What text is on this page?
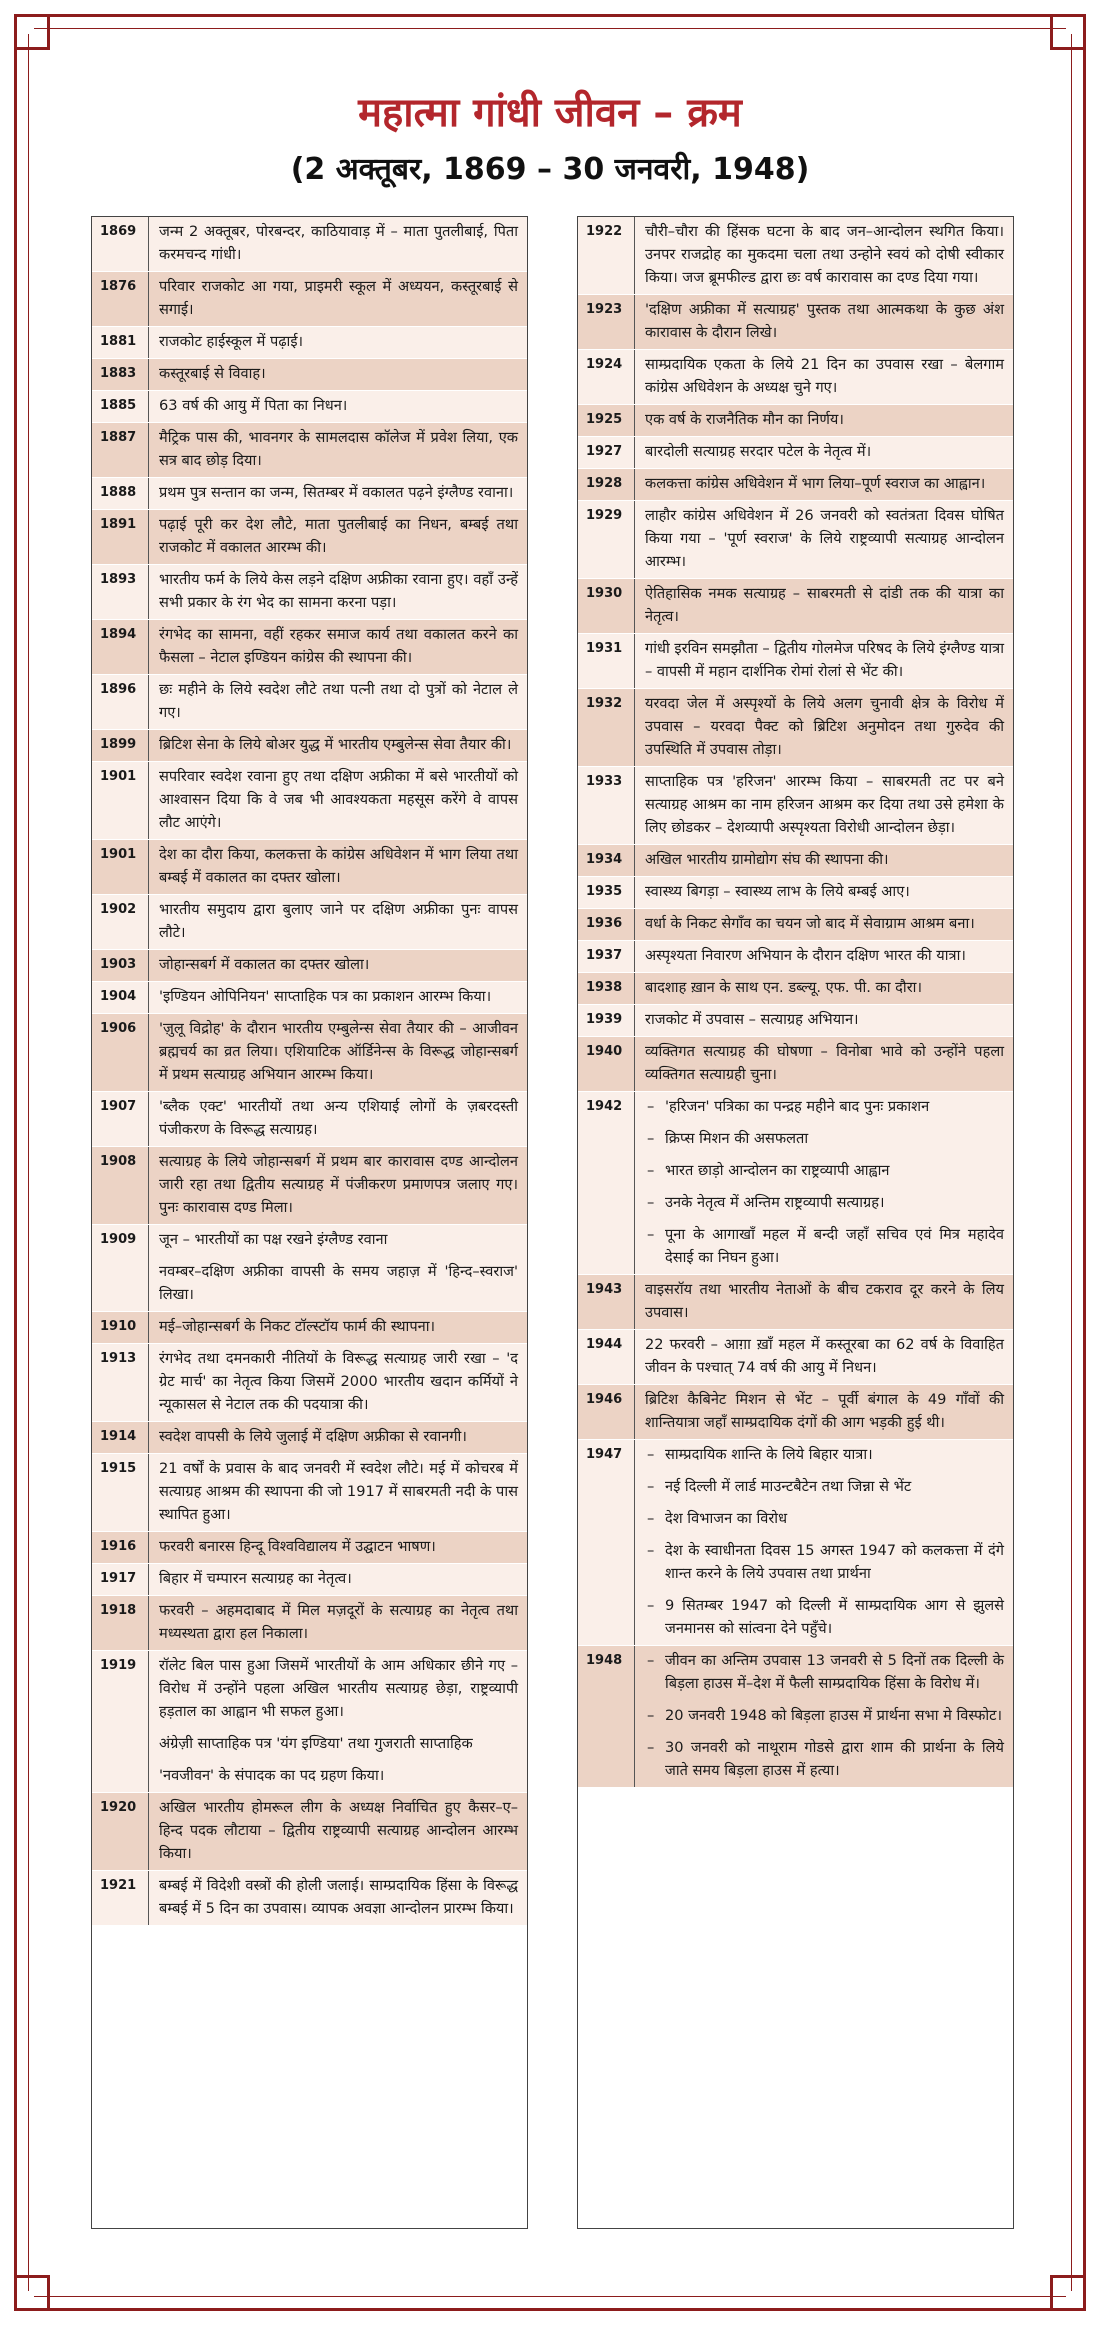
महात्मा गांधी जीवन – क्रम
(2 अक्तूबर, 1869 – 30 जनवरी, 1948)
1869	जन्म 2 अक्तूबर, पोरबन्दर, काठियावाड़ में – माता पुतलीबाई, पिता करमचन्द गांधी।
1876	परिवार राजकोट आ गया, प्राइमरी स्कूल में अध्ययन, कस्तूरबाई से सगाई।
1881	राजकोट हाईस्कूल में पढ़ाई।
1883	कस्तूरबाई से विवाह।
1885	63 वर्ष की आयु में पिता का निधन।
1887	मैट्रिक पास की, भावनगर के सामलदास कॉलेज में प्रवेश लिया, एक सत्र बाद छोड़ दिया।
1888	प्रथम पुत्र सन्तान का जन्म, सितम्बर में वकालत पढ़ने इंग्लैण्ड रवाना।
1891	पढ़ाई पूरी कर देश लौटे, माता पुतलीबाई का निधन, बम्बई तथा राजकोट में वकालत आरम्भ की।
1893	भारतीय फर्म के लिये केस लड़ने दक्षिण अफ्रीका रवाना हुए। वहाँ उन्हें सभी प्रकार के रंग भेद का सामना करना पड़ा।
1894	रंगभेद का सामना, वहीं रहकर समाज कार्य तथा वकालत करने का फैसला – नेटाल इण्डियन कांग्रेस की स्थापना की।
1896	छः महीने के लिये स्वदेश लौटे तथा पत्नी तथा दो पुत्रों को नेटाल ले गए।
1899	ब्रिटिश सेना के लिये बोअर युद्ध में भारतीय एम्बुलेन्स सेवा तैयार की।
1901	सपरिवार स्वदेश रवाना हुए तथा दक्षिण अफ्रीका में बसे भारतीयों को आश्वासन दिया कि वे जब भी आवश्यकता महसूस करेंगे वे वापस लौट आएंगे।
1901	देश का दौरा किया, कलकत्ता के कांग्रेस अधिवेशन में भाग लिया तथा बम्बई में वकालत का दफ्तर खोला।
1902	भारतीय समुदाय द्वारा बुलाए जाने पर दक्षिण अफ्रीका पुनः वापस लौटे।
1903	जोहान्सबर्ग में वकालत का दफ्तर खोला।
1904	'इण्डियन ओपिनियन' साप्ताहिक पत्र का प्रकाशन आरम्भ किया।
1906	'ज़ुलू विद्रोह' के दौरान भारतीय एम्बुलेन्स सेवा तैयार की – आजीवन ब्रह्मचर्य का व्रत लिया। एशियाटिक ऑर्डिनेन्स के विरूद्ध जोहान्सबर्ग में प्रथम सत्याग्रह अभियान आरम्भ किया।
1907	'ब्लैक एक्ट' भारतीयों तथा अन्य एशियाई लोगों के ज़बरदस्ती पंजीकरण के विरूद्ध सत्याग्रह।
1908	सत्याग्रह के लिये जोहान्सबर्ग में प्रथम बार कारावास दण्ड आन्दोलन जारी रहा तथा द्वितीय सत्याग्रह में पंजीकरण प्रमाणपत्र जलाए गए। पुनः कारावास दण्ड मिला।
1909	जून – भारतीयों का पक्ष रखने इंग्लैण्ड रवाना
नवम्बर–दक्षिण अफ्रीका वापसी के समय जहाज़ में 'हिन्द–स्वराज' लिखा।
1910	मई–जोहान्सबर्ग के निकट टॉल्स्टॉय फार्म की स्थापना।
1913	रंगभेद तथा दमनकारी नीतियों के विरूद्ध सत्याग्रह जारी रखा – 'द ग्रेट मार्च' का नेतृत्व किया जिसमें 2000 भारतीय खदान कर्मियों ने न्यूकासल से नेटाल तक की पदयात्रा की।
1914	स्वदेश वापसी के लिये जुलाई में दक्षिण अफ्रीका से रवानगी।
1915	21 वर्षों के प्रवास के बाद जनवरी में स्वदेश लौटे। मई में कोचरब में सत्याग्रह आश्रम की स्थापना की जो 1917 में साबरमती नदी के पास स्थापित हुआ।
1916	फरवरी बनारस हिन्दू विश्वविद्यालय में उद्घाटन भाषण।
1917	बिहार में चम्पारन सत्याग्रह का नेतृत्व।
1918	फरवरी – अहमदाबाद में मिल मज़दूरों के सत्याग्रह का नेतृत्व तथा मध्यस्थता द्वारा हल निकाला।
1919	रॉलेट बिल पास हुआ जिसमें भारतीयों के आम अधिकार छीने गए – विरोध में उन्होंने पहला अखिल भारतीय सत्याग्रह छेड़ा, राष्ट्रव्यापी हड़ताल का आह्वान भी सफल हुआ।
अंग्रेज़ी साप्ताहिक पत्र 'यंग इण्डिया' तथा गुजराती साप्ताहिक
'नवजीवन' के संपादक का पद ग्रहण किया।
1920	अखिल भारतीय होमरूल लीग के अध्यक्ष निर्वाचित हुए कैसर–ए–हिन्द पदक लौटाया – द्वितीय राष्ट्रव्यापी सत्याग्रह आन्दोलन आरम्भ किया।
1921	बम्बई में विदेशी वस्त्रों की होली जलाई। साम्प्रदायिक हिंसा के विरूद्ध बम्बई में 5 दिन का उपवास। व्यापक अवज्ञा आन्दोलन प्रारम्भ किया।
1922	चौरी–चौरा की हिंसक घटना के बाद जन–आन्दोलन स्थगित किया। उनपर राजद्रोह का मुकदमा चला तथा उन्होने स्वयं को दोषी स्वीकार किया। जज ब्रूमफील्ड द्वारा छः वर्ष कारावास का दण्ड दिया गया।
1923	'दक्षिण अफ्रीका में सत्याग्रह' पुस्तक तथा आत्मकथा के कुछ अंश कारावास के दौरान लिखे।
1924	साम्प्रदायिक एकता के लिये 21 दिन का उपवास रखा – बेलगाम कांग्रेस अधिवेशन के अध्यक्ष चुने गए।
1925	एक वर्ष के राजनैतिक मौन का निर्णय।
1927	बारदोली सत्याग्रह सरदार पटेल के नेतृत्व में।
1928	कलकत्ता कांग्रेस अधिवेशन में भाग लिया–पूर्ण स्वराज का आह्वान।
1929	लाहौर कांग्रेस अधिवेशन में 26 जनवरी को स्वतंत्रता दिवस घोषित किया गया – 'पूर्ण स्वराज' के लिये राष्ट्रव्यापी सत्याग्रह आन्दोलन आरम्भ।
1930	ऐतिहासिक नमक सत्याग्रह – साबरमती से दांडी तक की यात्रा का नेतृत्व।
1931	गांधी इरविन समझौता – द्वितीय गोलमेज परिषद के लिये इंग्लैण्ड यात्रा – वापसी में महान दार्शनिक रोमां रोलां से भेंट की।
1932	यरवदा जेल में अस्पृश्यों के लिये अलग चुनावी क्षेत्र के विरोध में उपवास – यरवदा पैक्ट को ब्रिटिश अनुमोदन तथा गुरुदेव की उपस्थिति में उपवास तोड़ा।
1933	साप्ताहिक पत्र 'हरिजन' आरम्भ किया – साबरमती तट पर बने सत्याग्रह आश्रम का नाम हरिजन आश्रम कर दिया तथा उसे हमेशा के लिए छोडकर – देशव्यापी अस्पृश्यता विरोधी आन्दोलन छेड़ा।
1934	अखिल भारतीय ग्रामोद्योग संघ की स्थापना की।
1935	स्वास्थ्य बिगड़ा – स्वास्थ्य लाभ के लिये बम्बई आए।
1936	वर्धा के निकट सेगाँव का चयन जो बाद में सेवाग्राम आश्रम बना।
1937	अस्पृश्यता निवारण अभियान के दौरान दक्षिण भारत की यात्रा।
1938	बादशाह ख़ान के साथ एन. डब्ल्यू. एफ. पी. का दौरा।
1939	राजकोट में उपवास – सत्याग्रह अभियान।
1940	व्यक्तिगत सत्याग्रह की घोषणा – विनोबा भावे को उन्होंने पहला व्यक्तिगत सत्याग्रही चुना।
1942	– 'हरिजन' पत्रिका का पन्द्रह महीने बाद पुनः प्रकाशन
– क्रिप्स मिशन की असफलता
– भारत छाड़ो आन्दोलन का राष्ट्रव्यापी आह्वान
– उनके नेतृत्व में अन्तिम राष्ट्रव्यापी सत्याग्रह।
– पूना के आगाखाँ महल में बन्दी जहाँ सचिव एवं मित्र महादेव देसाई का निघन हुआ।
1943	वाइसरॉय तथा भारतीय नेताओं के बीच टकराव दूर करने के लिय उपवास।
1944	22 फरवरी – आग़ा ख़ाँ महल में कस्तूरबा का 62 वर्ष के विवाहित जीवन के पश्चात् 74 वर्ष की आयु में निधन।
1946	ब्रिटिश कैबिनेट मिशन से भेंट – पूर्वी बंगाल के 49 गाँवों की शान्तियात्रा जहाँ साम्प्रदायिक दंगों की आग भड़की हुई थी।
1947	– साम्प्रदायिक शान्ति के लिये बिहार यात्रा।
– नई दिल्ली में लार्ड माउन्टबैटेन तथा जिन्ना से भेंट
– देश विभाजन का विरोध
– देश के स्वाधीनता दिवस 15 अगस्त 1947 को कलकत्ता में दंगे शान्त करने के लिये उपवास तथा प्रार्थना
– 9 सितम्बर 1947 को दिल्ली में साम्प्रदायिक आग से झुलसे जनमानस को सांत्वना देने पहुँचे।
1948	– जीवन का अन्तिम उपवास 13 जनवरी से 5 दिनों तक दिल्ली के बिड़ला हाउस में–देश में फैली साम्प्रदायिक हिंसा के विरोध में।
– 20 जनवरी 1948 को बिड़ला हाउस में प्रार्थना सभा मे विस्फोट।
– 30 जनवरी को नाथूराम गोडसे द्वारा शाम की प्रार्थना के लिये जाते समय बिड़ला हाउस में हत्या।
